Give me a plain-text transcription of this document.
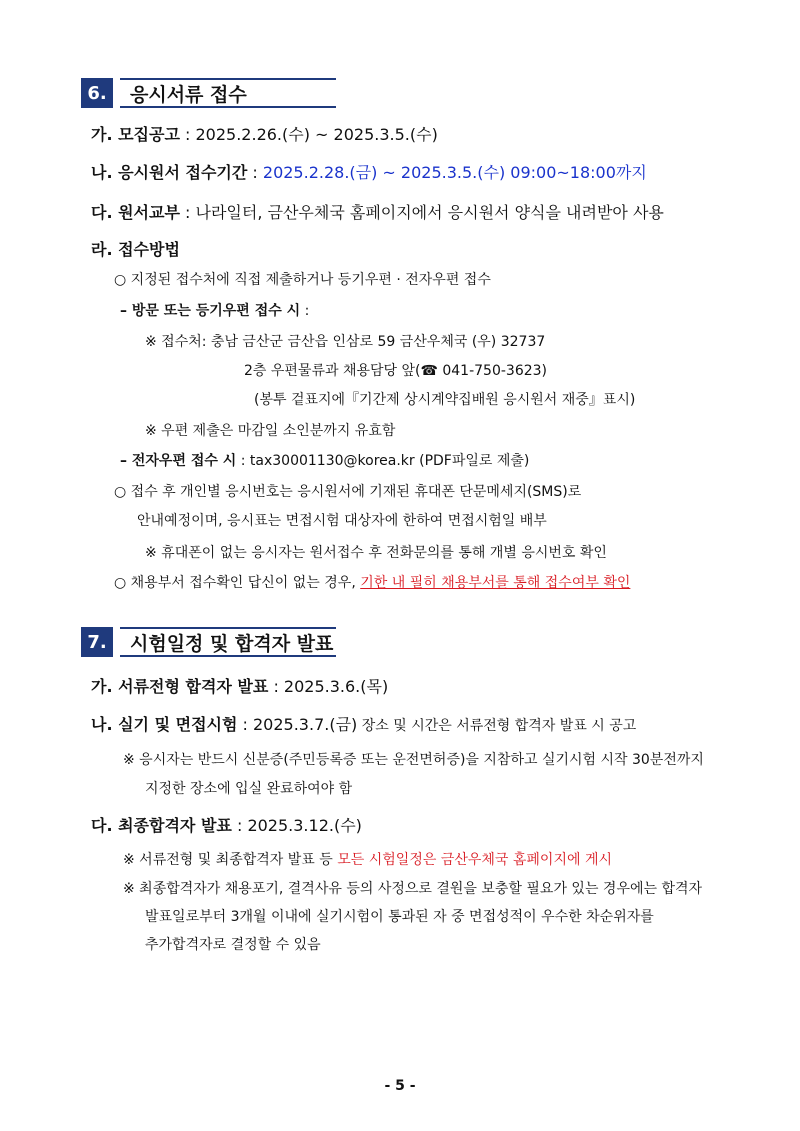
6.	응시서류 접수
가. 모집공고 : 2025.2.26.(수) ~ 2025.3.5.(수)
나. 응시원서 접수기간 : 2025.2.28.(금) ~ 2025.3.5.(수) 09:00~18:00까지
다. 원서교부 : 나라일터, 금산우체국 홈페이지에서 응시원서 양식을 내려받아 사용
라. 접수방법
○ 지정된 접수처에 직접 제출하거나 등기우편 · 전자우편 접수
– 방문 또는 등기우편 접수 시 :
※ 접수처: 충남 금산군 금산읍 인삼로 59 금산우체국 (우) 32737
2층 우편물류과 채용담당 앞(☎ 041-750-3623)
(봉투 겉표지에『기간제 상시계약집배원 응시원서 재중』표시)
※ 우편 제출은 마감일 소인분까지 유효함
– 전자우편 접수 시 : tax30001130@korea.kr (PDF파일로 제출)
○ 접수 후 개인별 응시번호는 응시원서에 기재된 휴대폰 단문메세지(SMS)로
안내예정이며, 응시표는 면접시험 대상자에 한하여 면접시험일 배부
※ 휴대폰이 없는 응시자는 원서접수 후 전화문의를 통해 개별 응시번호 확인
○ 채용부서 접수확인 답신이 없는 경우, 기한 내 필히 채용부서를 통해 접수여부 확인
7.	시험일정 및 합격자 발표
가. 서류전형 합격자 발표 : 2025.3.6.(목)
나. 실기 및 면접시험 : 2025.3.7.(금) 장소 및 시간은 서류전형 합격자 발표 시 공고
※ 응시자는 반드시 신분증(주민등록증 또는 운전면허증)을 지참하고 실기시험 시작 30분전까지
지정한 장소에 입실 완료하여야 함
다. 최종합격자 발표 : 2025.3.12.(수)
※ 서류전형 및 최종합격자 발표 등 모든 시험일정은 금산우체국 홈페이지에 게시
※ 최종합격자가 채용포기, 결격사유 등의 사정으로 결원을 보충할 필요가 있는 경우에는 합격자
발표일로부터 3개월 이내에 실기시험이 통과된 자 중 면접성적이 우수한 차순위자를
추가합격자로 결정할 수 있음
- 5 -
